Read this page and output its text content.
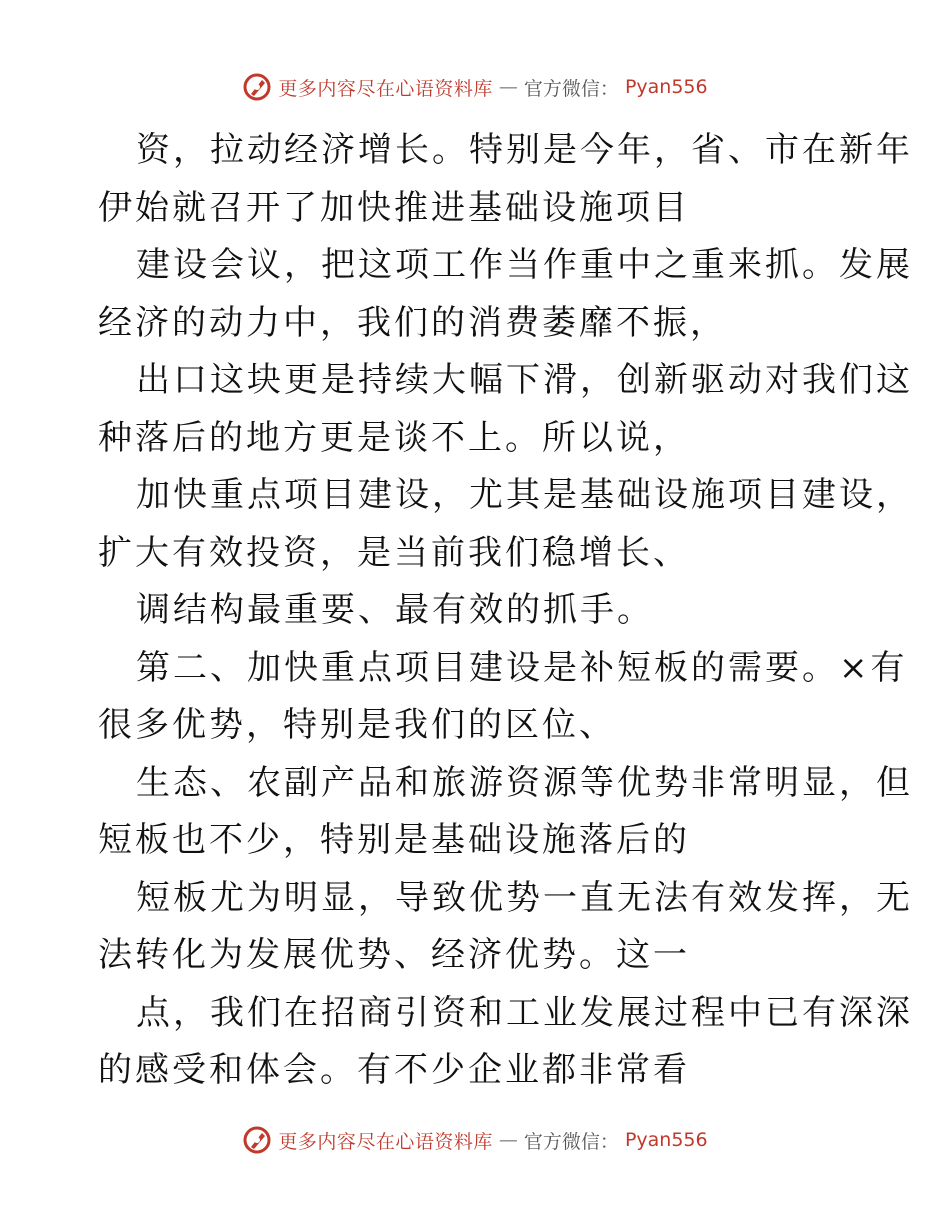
更多内容尽在心语资料库 — 官方微信： Pyan556
资，拉动经济增长。特别是今年，省、市在新年
伊始就召开了加快推进基础设施项目
建设会议，把这项工作当作重中之重来抓。发展
经济的动力中，我们的消费萎靡不振，
出口这块更是持续大幅下滑，创新驱动对我们这
种落后的地方更是谈不上。所以说，
加快重点项目建设，尤其是基础设施项目建设，
扩大有效投资，是当前我们稳增长、
调结构最重要、最有效的抓手。
第二、加快重点项目建设是补短板的需要。×有
很多优势，特别是我们的区位、
生态、农副产品和旅游资源等优势非常明显，但
短板也不少，特别是基础设施落后的
短板尤为明显，导致优势一直无法有效发挥，无
法转化为发展优势、经济优势。这一
点，我们在招商引资和工业发展过程中已有深深
的感受和体会。有不少企业都非常看
更多内容尽在心语资料库 — 官方微信： Pyan556
